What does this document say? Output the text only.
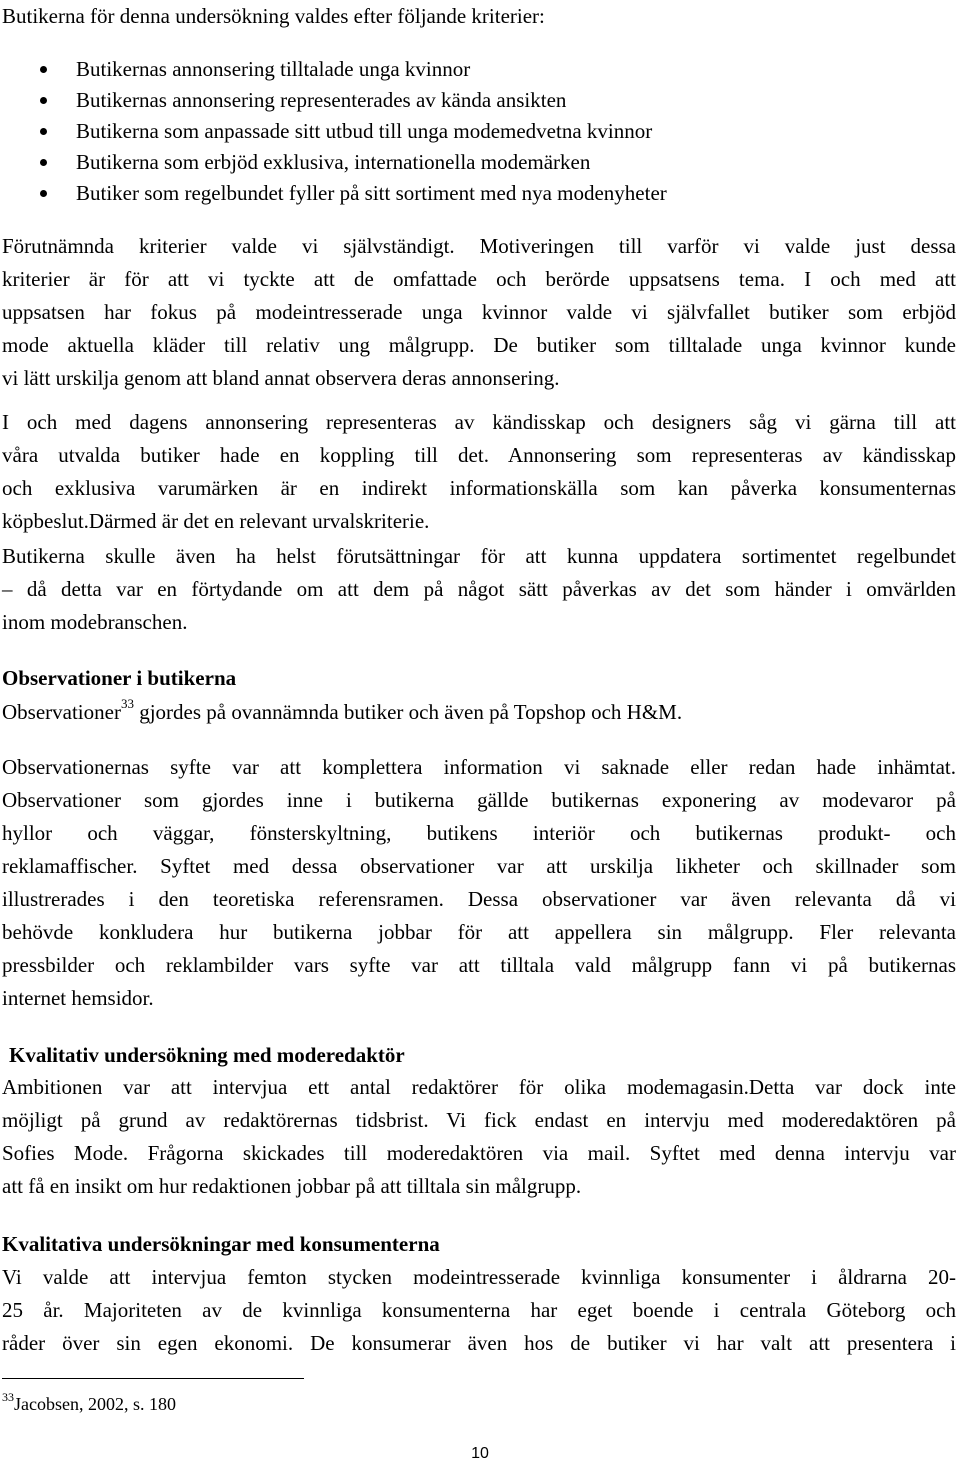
Butikerna för denna undersökning valdes efter följande kriterier:

Butikernas annonsering tilltalade unga kvinnor
Butikernas annonsering representerades av kända ansikten
Butikerna som anpassade sitt utbud till unga modemedvetna kvinnor
Butikerna som erbjöd exklusiva, internationella modemärken
Butiker som regelbundet fyller på sitt sortiment med nya modenyheter
Förutnämnda kriterier valde vi självständigt. Motiveringen till varför vi valde just dessa
kriterier är för att vi tyckte att de omfattade och berörde uppsatsens tema. I och med att
uppsatsen har fokus på modeintresserade unga kvinnor valde vi självfallet butiker som erbjöd
mode aktuella kläder till relativ ung målgrupp. De butiker som tilltalade unga kvinnor kunde
vi lätt urskilja genom att bland annat observera deras annonsering.
I och med dagens annonsering representeras av kändisskap och designers såg vi gärna till att
våra utvalda butiker hade en koppling till det. Annonsering som representeras av kändisskap
och exklusiva varumärken är en indirekt informationskälla som kan påverka konsumenternas
köpbeslut.Därmed är det en relevant urvalskriterie.
Butikerna skulle även ha helst förutsättningar för att kunna uppdatera sortimentet regelbundet
– då detta var en förtydande om att dem på något sätt påverkas av det som händer i omvärlden
inom modebranschen.
Observationer i butikerna
Observationer$^{33}$ gjordes på ovannämnda butiker och även på Topshop och H&M.
Observationernas syfte var att komplettera information vi saknade eller redan hade inhämtat.
Observationer som gjordes inne i butikerna gällde butikernas exponering av modevaror på
hyllor och väggar, fönsterskyltning, butikens interiör och butikernas produkt- och
reklamaffischer. Syftet med dessa observationer var att urskilja likheter och skillnader som
illustrerades i den teoretiska referensramen. Dessa observationer var även relevanta då vi
behövde konkludera hur butikerna jobbar för att appellera sin målgrupp. Fler relevanta
pressbilder och reklambilder vars syfte var att tilltala vald målgrupp fann vi på butikernas
internet hemsidor.
Kvalitativ undersökning med moderedaktör
Ambitionen var att intervjua ett antal redaktörer för olika modemagasin.Detta var dock inte
möjligt på grund av redaktörernas tidsbrist. Vi fick endast en intervju med moderedaktören på
Sofies Mode. Frågorna skickades till moderedaktören via mail. Syftet med denna intervju var
att få en insikt om hur redaktionen jobbar på att tilltala sin målgrupp.
Kvalitativa undersökningar med konsumenterna
Vi valde att intervjua femton stycken modeintresserade kvinnliga konsumenter i åldrarna 20-
25 år. Majoriteten av de kvinnliga konsumenterna har eget boende i centrala Göteborg och
råder över sin egen ekonomi. De konsumerar även hos de butiker vi har valt att presentera i
$^{33}$Jacobsen, 2002, s. 180
10
